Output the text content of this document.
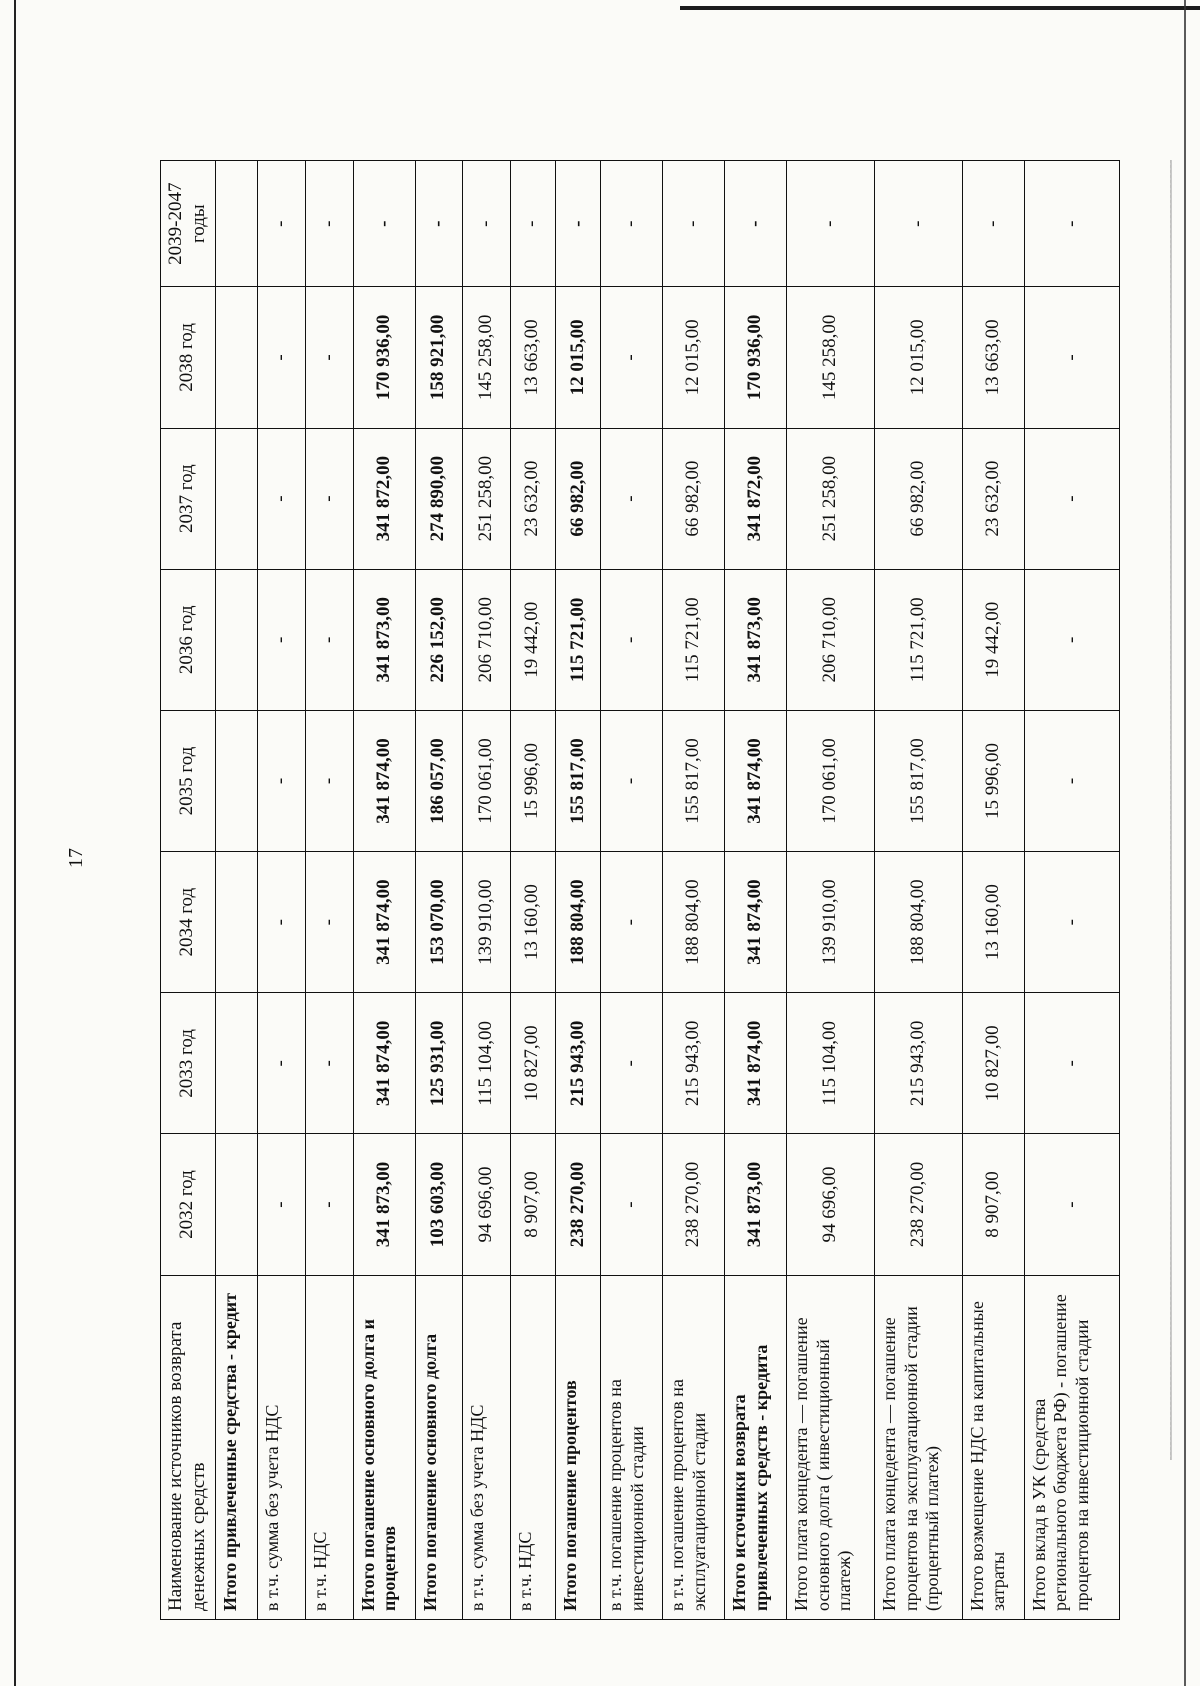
17
Наименование источников возврата денежных средств	2032 год	2033 год	2034 год	2035 год	2036 год	2037 год	2038 год	2039-2047 годы
Итого привлеченные средства - кредит								
в т.ч. сумма без учета НДС	-	-	-	-	-	-	-	-
в т.ч. НДС	-	-	-	-	-	-	-	-
Итого погашение основного долга и процентов	341 873,00	341 874,00	341 874,00	341 874,00	341 873,00	341 872,00	170 936,00	-
Итого погашение основного долга	103 603,00	125 931,00	153 070,00	186 057,00	226 152,00	274 890,00	158 921,00	-
в т.ч. сумма без учета НДС	94 696,00	115 104,00	139 910,00	170 061,00	206 710,00	251 258,00	145 258,00	-
в т.ч. НДС	8 907,00	10 827,00	13 160,00	15 996,00	19 442,00	23 632,00	13 663,00	-
Итого погашение процентов	238 270,00	215 943,00	188 804,00	155 817,00	115 721,00	66 982,00	12 015,00	-
в т.ч. погашение процентов на инвестиционной стадии	-	-	-	-	-	-	-	-
в т.ч. погашение процентов на эксплуатационной стадии	238 270,00	215 943,00	188 804,00	155 817,00	115 721,00	66 982,00	12 015,00	-
Итого источники возврата привлеченных средств - кредита	341 873,00	341 874,00	341 874,00	341 874,00	341 873,00	341 872,00	170 936,00	-
Итого плата концедента — погашение основного долга ( инвестиционный платеж)	94 696,00	115 104,00	139 910,00	170 061,00	206 710,00	251 258,00	145 258,00	-
Итого плата концедента — погашение процентов на эксплуатационной стадии (процентный платеж)	238 270,00	215 943,00	188 804,00	155 817,00	115 721,00	66 982,00	12 015,00	-
Итого возмещение НДС на капитальные затраты	8 907,00	10 827,00	13 160,00	15 996,00	19 442,00	23 632,00	13 663,00	-
Итого вклад в УК (средства регионального бюджета РФ) - погашение процентов на инвестиционной стадии	-	-	-	-	-	-	-	-
